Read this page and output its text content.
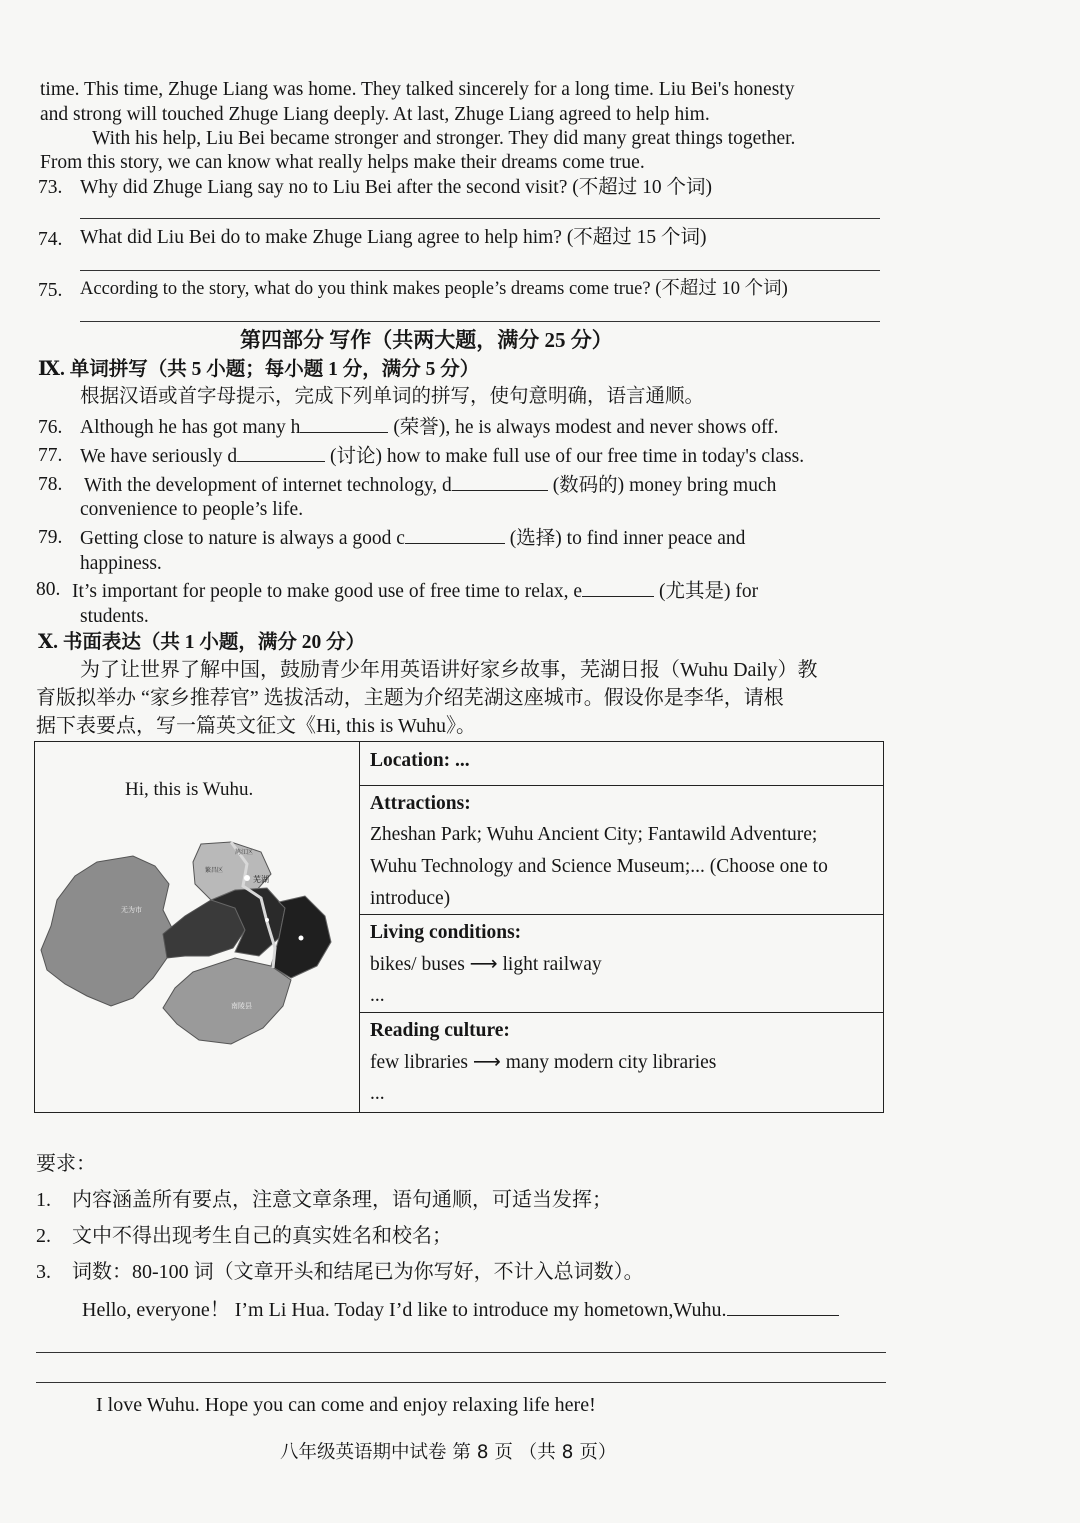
time. This time, Zhuge Liang was home. They talked sincerely for a long time. Liu Bei's honesty
and strong will touched Zhuge Liang deeply. At last, Zhuge Liang agreed to help him.
With his help, Liu Bei became stronger and stronger. They did many great things together.
From this story, we can know what really helps make their dreams come true.
73. Why did Zhuge Liang say no to Liu Bei after the second visit? (不超过 10 个词)
74. What did Liu Bei do to make Zhuge Liang agree to help him? (不超过 15 个词)
75. According to the story, what do you think makes people’s dreams come true? (不超过 10 个词)
第四部分 写作（共两大题，满分 25 分）
Ⅸ. 单词拼写（共 5 小题；每小题 1 分，满分 5 分）
根据汉语或首字母提示，完成下列单词的拼写，使句意明确，语言通顺。
76. Although he has got many h	(荣誉), he is always modest and never shows off.
77. We have seriously d	(讨论) how to make full use of our free time in today's class.
78. With the development of internet technology, d	(数码的) money bring much
convenience to people’s life.
79. Getting close to nature is always a good c	(选择) to find inner peace and
happiness.
80. It’s important for people to make good use of free time to relax, e	(尤其是) for
students.
Ⅹ. 书面表达（共 1 小题，满分 20 分）
为了让世界了解中国，鼓励青少年用英语讲好家乡故事，芜湖日报（Wuhu Daily）教
育版拟举办 “家乡推荐官” 选拔活动，主题为介绍芜湖这座城市。假设你是李华，请根
据下表要点，写一篇英文征文《Hi, this is Wuhu》。
Hi, this is Wuhu.
无为市
繁昌区
鸠江区
芜湖
南陵县
Location: ...
Attractions:
Zheshan Park; Wuhu Ancient City; Fantawild Adventure;
Wuhu Technology and Science Museum;... (Choose one to
introduce)
Living conditions:
bikes/ buses ⟶ light railway
...
Reading culture:
few libraries ⟶ many modern city libraries
...
要求：
1. 内容涵盖所有要点，注意文章条理，语句通顺，可适当发挥；
2. 文中不得出现考生自己的真实姓名和校名；
3. 词数：80-100 词（文章开头和结尾已为你写好，不计入总词数）。
Hello, everyone！ I’m Li Hua. Today I’d like to introduce my hometown,Wuhu.
I love Wuhu. Hope you can come and enjoy relaxing life here!
八年级英语期中试卷 第 8 页 （共 8 页）
